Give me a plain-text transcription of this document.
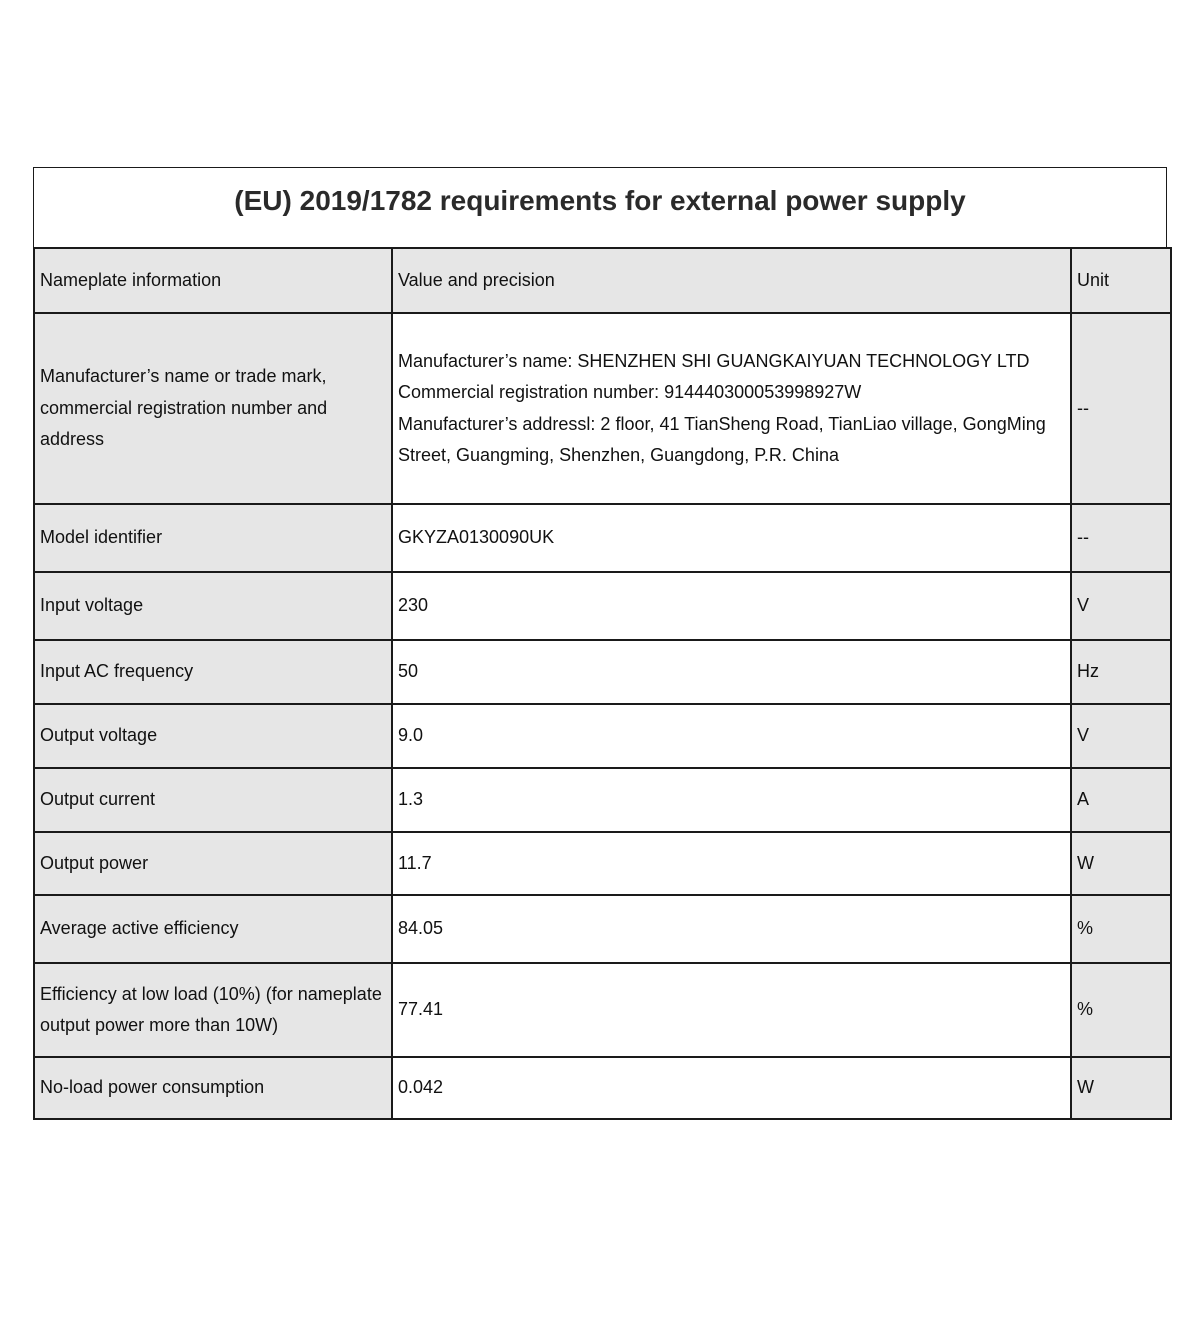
(EU) 2019/1782 requirements for external power supply
Nameplate information	Value and precision	Unit
Manufacturer’s name or trade mark, commercial registration number and address	Manufacturer’s name: SHENZHEN SHI GUANGKAIYUAN TECHNOLOGY LTD
Commercial registration number: 914440300053998927W
Manufacturer’s addressl: 2 floor, 41 TianSheng Road, TianLiao village, GongMing Street, Guangming, Shenzhen, Guangdong, P.R. China	--
Model identifier	GKYZA0130090UK	--
Input voltage	230	V
Input AC frequency	50	Hz
Output voltage	9.0	V
Output current	1.3	A
Output power	11.7	W
Average active efficiency	84.05	%
Efficiency at low load (10%) (for nameplate output power more than 10W)	77.41	%
No-load power consumption	0.042	W
